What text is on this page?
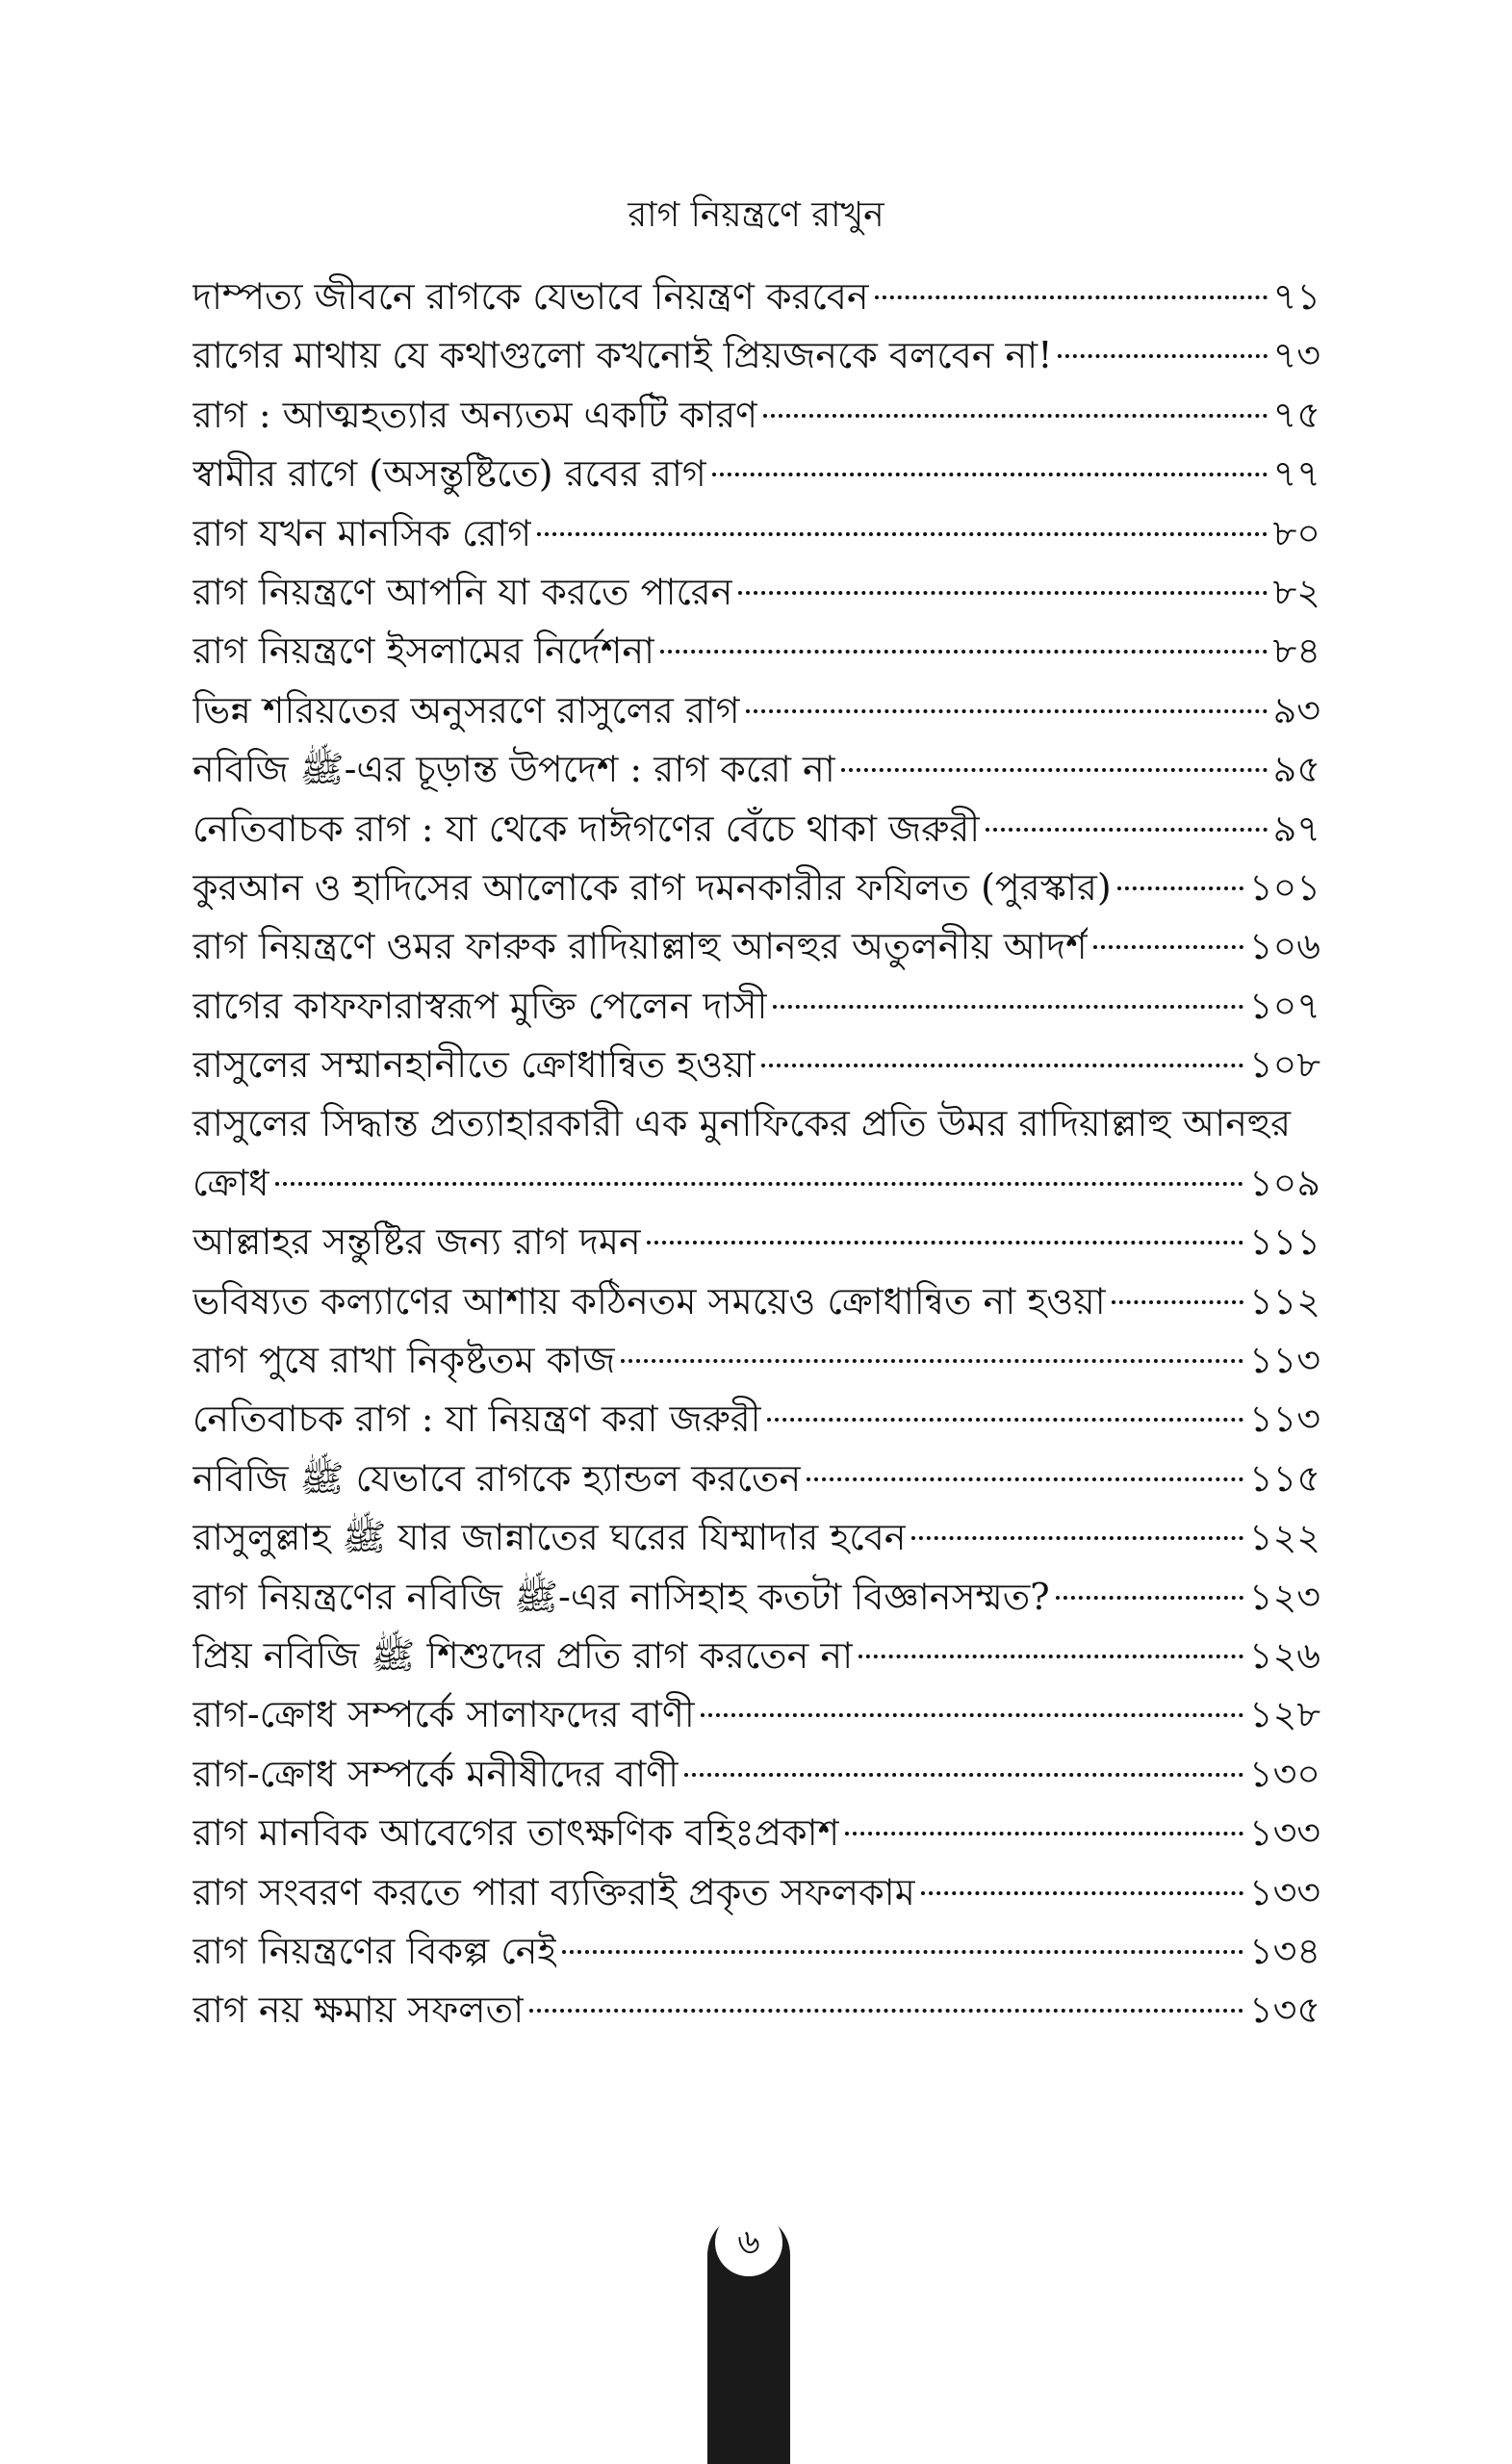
রাগ নিয়ন্ত্রণে রাখুন
দাম্পত্য জীবনে রাগকে যেভাবে নিয়ন্ত্রণ করবেন	৭১
রাগের মাথায় যে কথাগুলো কখনোই প্রিয়জনকে বলবেন না!	৭৩
রাগ : আত্মহত্যার অন্যতম একটি কারণ	৭৫
স্বামীর রাগে (অসন্তুষ্টিতে) রবের রাগ	৭৭
রাগ যখন মানসিক রোগ	৮০
রাগ নিয়ন্ত্রণে আপনি যা করতে পারেন	৮২
রাগ নিয়ন্ত্রণে ইসলামের নির্দেশনা	৮৪
ভিন্ন শরিয়তের অনুসরণে রাসুলের রাগ	৯৩
নবিজি ﷺ-এর চূড়ান্ত উপদেশ : রাগ করো না	৯৫
নেতিবাচক রাগ : যা থেকে দাঈগণের বেঁচে থাকা জরুরী	৯৭
কুরআন ও হাদিসের আলোকে রাগ দমনকারীর ফযিলত (পুরস্কার)	১০১
রাগ নিয়ন্ত্রণে ওমর ফারুক রাদিয়াল্লাহু আনহুর অতুলনীয় আদর্শ	১০৬
রাগের কাফফারাস্বরূপ মুক্তি পেলেন দাসী	১০৭
রাসুলের সম্মানহানীতে ক্রোধান্বিত হওয়া	১০৮
রাসুলের সিদ্ধান্ত প্রত্যাহারকারী এক মুনাফিকের প্রতি উমর রাদিয়াল্লাহু আনহুর
ক্রোধ	১০৯
আল্লাহর সন্তুষ্টির জন্য রাগ দমন	১১১
ভবিষ্যত কল্যাণের আশায় কঠিনতম সময়েও ক্রোধান্বিত না হওয়া	১১২
রাগ পুষে রাখা নিকৃষ্টতম কাজ	১১৩
নেতিবাচক রাগ : যা নিয়ন্ত্রণ করা জরুরী	১১৩
নবিজি ﷺ যেভাবে রাগকে হ্যান্ডল করতেন	১১৫
রাসুলুল্লাহ ﷺ যার জান্নাতের ঘরের যিম্মাদার হবেন	১২২
রাগ নিয়ন্ত্রণের নবিজি ﷺ-এর নাসিহাহ কতটা বিজ্ঞানসম্মত?	১২৩
প্রিয় নবিজি ﷺ শিশুদের প্রতি রাগ করতেন না	১২৬
রাগ-ক্রোধ সম্পর্কে সালাফদের বাণী	১২৮
রাগ-ক্রোধ সম্পর্কে মনীষীদের বাণী	১৩০
রাগ মানবিক আবেগের তাৎক্ষণিক বহিঃপ্রকাশ	১৩৩
রাগ সংবরণ করতে পারা ব্যক্তিরাই প্রকৃত সফলকাম	১৩৩
রাগ নিয়ন্ত্রণের বিকল্প নেই	১৩৪
রাগ নয় ক্ষমায় সফলতা	১৩৫
৬
